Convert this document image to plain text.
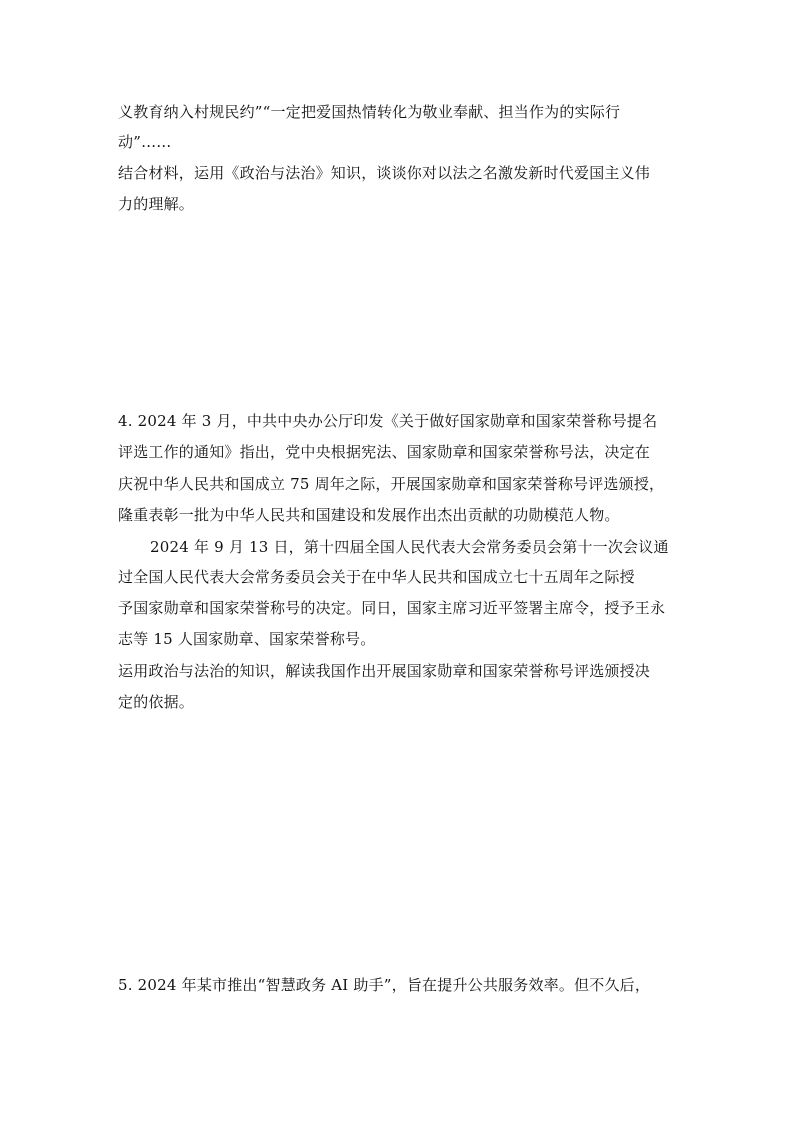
义教育纳入村规民约”“一定把爱国热情转化为敬业奉献、担当作为的实际行
动”……
结合材料，运用《政治与法治》知识，谈谈你对以法之名激发新时代爱国主义伟
力的理解。
4. 2024 年 3 月，中共中央办公厅印发《关于做好国家勋章和国家荣誉称号提名
评选工作的通知》指出，党中央根据宪法、国家勋章和国家荣誉称号法，决定在
庆祝中华人民共和国成立 75 周年之际，开展国家勋章和国家荣誉称号评选颁授，
隆重表彰一批为中华人民共和国建设和发展作出杰出贡献的功勋模范人物。
2024 年 9 月 13 日，第十四届全国人民代表大会常务委员会第十一次会议通
过全国人民代表大会常务委员会关于在中华人民共和国成立七十五周年之际授
予国家勋章和国家荣誉称号的决定。同日，国家主席习近平签署主席令，授予王永
志等 15 人国家勋章、国家荣誉称号。
运用政治与法治的知识，解读我国作出开展国家勋章和国家荣誉称号评选颁授决
定的依据。
5. 2024 年某市推出“智慧政务 AI 助手”，旨在提升公共服务效率。但不久后，
